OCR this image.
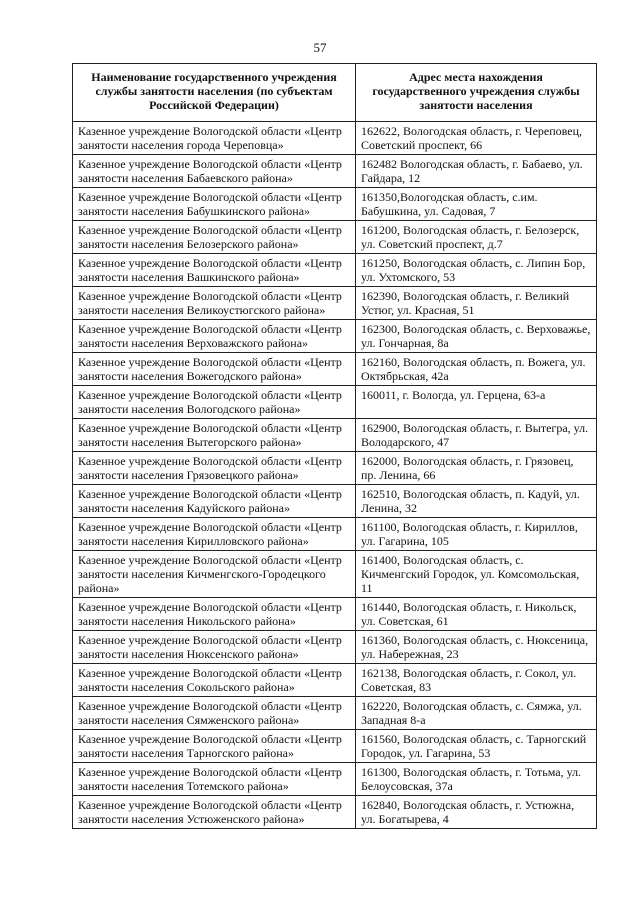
57
Наименование государственного учреждения службы занятости населения (по субъектам Российской Федерации)	Адрес места нахождения государственного учреждения службы занятости населения
Казенное учреждение Вологодской области «Центр занятости населения города Череповца»	162622, Вологодская область, г. Череповец, Советский проспект, 66
Казенное учреждение Вологодской области «Центр занятости населения Бабаевского района»	162482 Вологодская область, г. Бабаево, ул. Гайдара, 12
Казенное учреждение Вологодской области «Центр занятости населения Бабушкинского района»	161350,Вологодская область, с.им. Бабушкина, ул. Садовая, 7
Казенное учреждение Вологодской области «Центр занятости населения Белозерского района»	161200, Вологодская область, г. Белозерск, ул. Советский проспект, д.7
Казенное учреждение Вологодской области «Центр занятости населения Вашкинского района»	161250, Вологодская область, с. Липин Бор, ул. Ухтомского, 53
Казенное учреждение Вологодской области «Центр занятости населения Великоустюгского района»	162390, Вологодская область, г. Великий Устюг, ул. Красная, 51
Казенное учреждение Вологодской области «Центр занятости населения Верховажского района»	162300, Вологодская область, с. Верховажье, ул. Гончарная, 8а
Казенное учреждение Вологодской области «Центр занятости населения Вожегодского района»	162160, Вологодская область, п. Вожега, ул. Октябрьская, 42а
Казенное учреждение Вологодской области «Центр занятости населения Вологодского района»	160011, г. Вологда, ул. Герцена, 63-а
Казенное учреждение Вологодской области «Центр занятости населения Вытегорского района»	162900, Вологодская область, г. Вытегра, ул. Володарского, 47
Казенное учреждение Вологодской области «Центр занятости населения Грязовецкого района»	162000, Вологодская область, г. Грязовец, пр. Ленина, 66
Казенное учреждение Вологодской области «Центр занятости населения Кадуйского района»	162510, Вологодская область, п. Кадуй, ул. Ленина, 32
Казенное учреждение Вологодской области «Центр занятости населения Кирилловского района»	161100, Вологодская область, г. Кириллов, ул. Гагарина, 105
Казенное учреждение Вологодской области «Центр занятости населения Кичменгского-Городецкого района»	161400, Вологодская область, с. Кичменгский Городок, ул. Комсомольская, 11
Казенное учреждение Вологодской области «Центр занятости населения Никольского района»	161440, Вологодская область, г. Никольск, ул. Советская, 61
Казенное учреждение Вологодской области «Центр занятости населения Нюксенского района»	161360, Вологодская область, с. Нюксеница, ул. Набережная, 23
Казенное учреждение Вологодской области «Центр занятости населения Сокольского района»	162138, Вологодская область, г. Сокол, ул. Советская, 83
Казенное учреждение Вологодской области «Центр занятости населения Сямженского района»	162220, Вологодская область, с. Сямжа, ул. Западная 8-а
Казенное учреждение Вологодской области «Центр занятости населения Тарногского района»	161560, Вологодская область, с. Тарногский Городок, ул. Гагарина, 53
Казенное учреждение Вологодской области «Центр занятости населения Тотемского района»	161300, Вологодская область, г. Тотьма, ул. Белоусовская, 37а
Казенное учреждение Вологодской области «Центр занятости населения Устюженского района»	162840, Вологодская область, г. Устюжна, ул. Богатырева, 4
